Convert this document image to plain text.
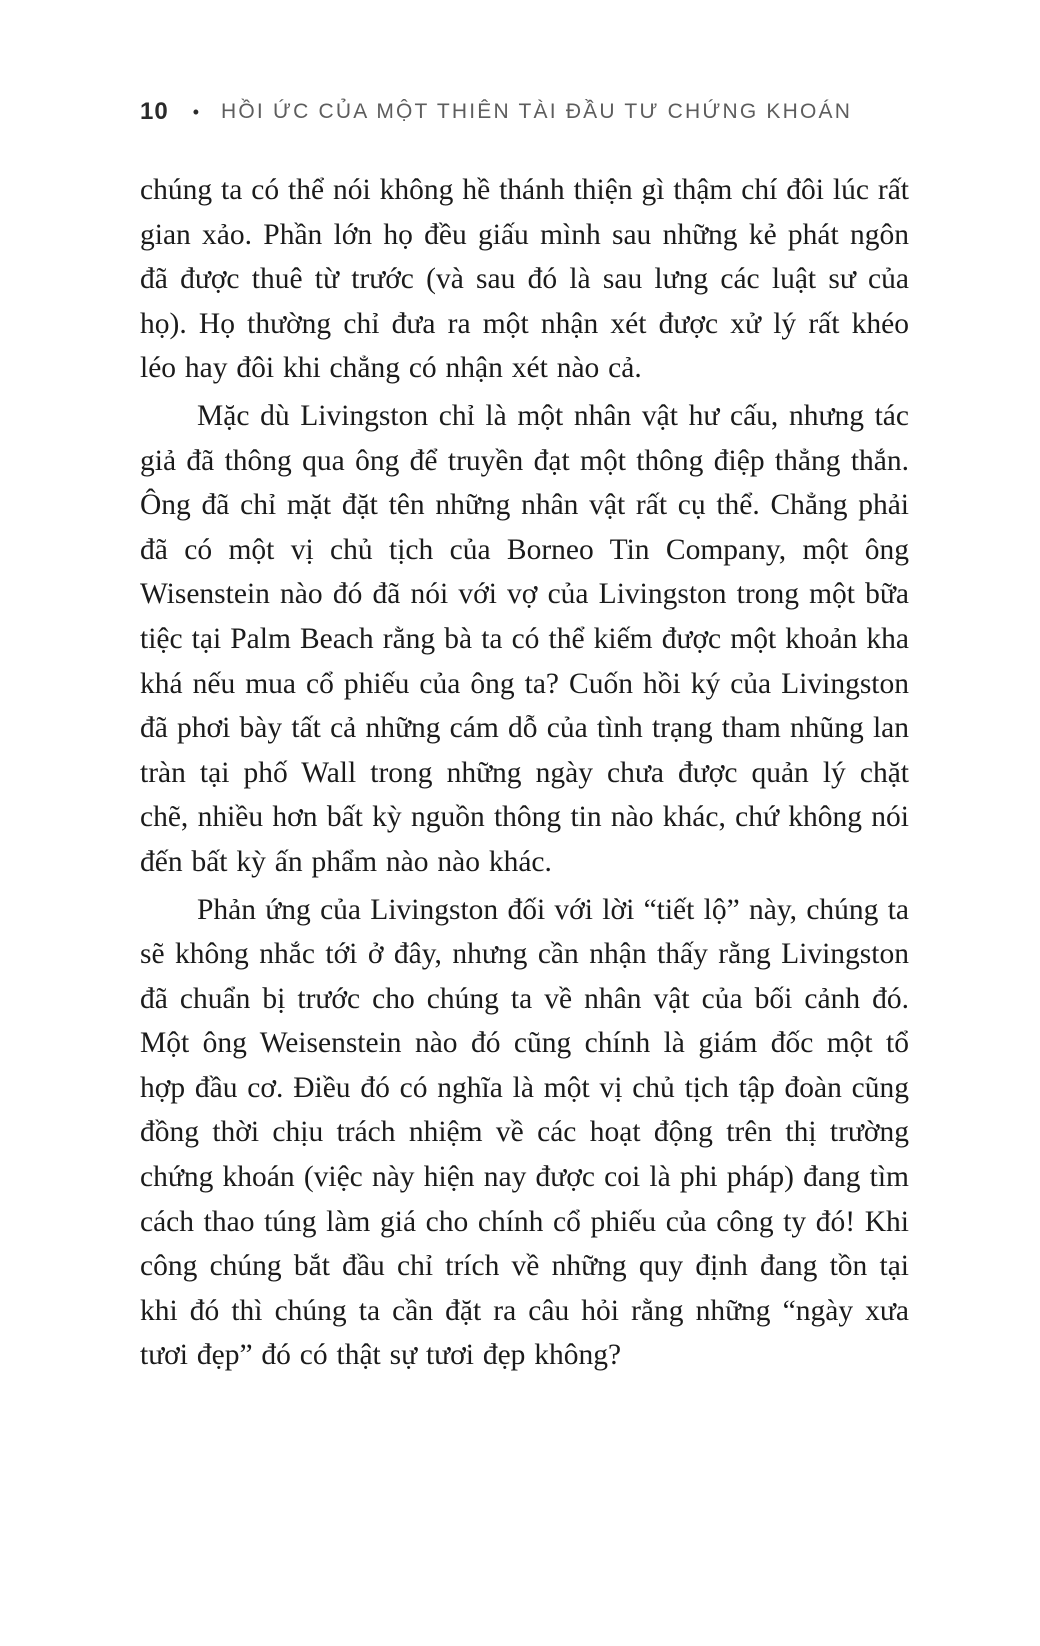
10 • HỒI ỨC CỦA MỘT THIÊN TÀI ĐẦU TƯ CHỨNG KHOÁN

chúng ta có thể nói không hề thánh thiện gì thậm chí đôi lúc rất gian xảo. Phần lớn họ đều giấu mình sau những kẻ phát ngôn đã được thuê từ trước (và sau đó là sau lưng các luật sư của họ). Họ thường chỉ đưa ra một nhận xét được xử lý rất khéo léo hay đôi khi chẳng có nhận xét nào cả.

Mặc dù Livingston chỉ là một nhân vật hư cấu, nhưng tác giả đã thông qua ông để truyền đạt một thông điệp thẳng thắn. Ông đã chỉ mặt đặt tên những nhân vật rất cụ thể. Chẳng phải đã có một vị chủ tịch của Borneo Tin Company, một ông Wisenstein nào đó đã nói với vợ của Livingston trong một bữa tiệc tại Palm Beach rằng bà ta có thể kiếm được một khoản kha khá nếu mua cổ phiếu của ông ta? Cuốn hồi ký của Livingston đã phơi bày tất cả những cám dỗ của tình trạng tham nhũng lan tràn tại phố Wall trong những ngày chưa được quản lý chặt chẽ, nhiều hơn bất kỳ nguồn thông tin nào khác, chứ không nói đến bất kỳ ấn phẩm nào nào khác.

Phản ứng của Livingston đối với lời “tiết lộ” này, chúng ta sẽ không nhắc tới ở đây, nhưng cần nhận thấy rằng Livingston đã chuẩn bị trước cho chúng ta về nhân vật của bối cảnh đó. Một ông Weisenstein nào đó cũng chính là giám đốc một tổ hợp đầu cơ. Điều đó có nghĩa là một vị chủ tịch tập đoàn cũng đồng thời chịu trách nhiệm về các hoạt động trên thị trường chứng khoán (việc này hiện nay được coi là phi pháp) đang tìm cách thao túng làm giá cho chính cổ phiếu của công ty đó! Khi công chúng bắt đầu chỉ trích về những quy định đang tồn tại khi đó thì chúng ta cần đặt ra câu hỏi rằng những “ngày xưa tươi đẹp” đó có thật sự tươi đẹp không?
